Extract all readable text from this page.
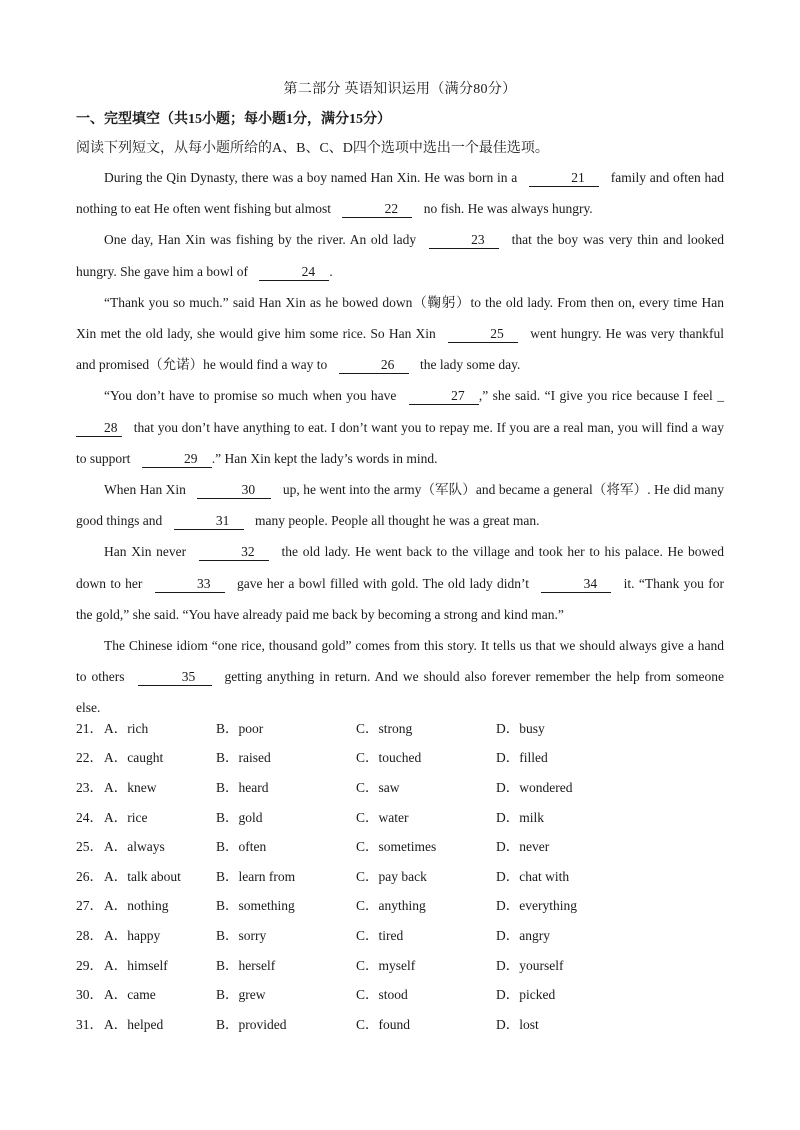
第二部分 英语知识运用（满分80分）
一、完型填空（共15小题；每小题1分，满分15分）
阅读下列短文，从每小题所给的A、B、C、D四个选项中选出一个最佳选项。

During the Qin Dynasty, there was a boy named Han Xin. He was born in a	21 family and often had nothing to eat He often went fishing but almost	22 no fish. He was always hungry.

One day, Han Xin was fishing by the river. An old lady	23 that the boy was very thin and looked hungry. She gave him a bowl of	24 .

“Thank you so much.” said Han Xin as he bowed down（鞠躬）to the old lady. From then on, every time Han Xin met the old lady, she would give him some rice. So Han Xin	25 went hungry. He was very thankful and promised（允诺）he would find a way to	26 the lady some day.

“You don’t have to promise so much when you have	27 ,” she said. “I give you rice because I feel _28 that you don’t have anything to eat. I don’t want you to repay me. If you are a real man, you will find a way to support	29 .” Han Xin kept the lady’s words in mind.

When Han Xin	30 up, he went into the army（军队）and became a general（将军）. He did many good things and	31 many people. People all thought he was a great man.

Han Xin never	32 the old lady. He went back to the village and took her to his palace. He bowed down to her	33 gave her a bowl filled with gold. The old lady didn’t	34 it. “Thank you for the gold,” she said. “You have already paid me back by becoming a strong and kind man.”

The Chinese idiom “one rice, thousand gold” comes from this story. It tells us that we should always give a hand to others	35 getting anything in return. And we should also forever remember the help from someone else.

21． A．rich	B．poor	C．strong	D．busy
22． A．caught	B．raised	C．touched	D．filled
23． A．knew	B．heard	C．saw	D．wondered
24． A．rice	B．gold	C．water	D．milk
25． A．always	B．often	C．sometimes	D．never
26． A．talk about	B．learn from	C．pay back	D．chat with
27． A．nothing	B．something	C．anything	D．everything
28． A．happy	B．sorry	C．tired	D．angry
29． A．himself	B．herself	C．myself	D．yourself
30． A．came	B．grew	C．stood	D．picked
31． A．helped	B．provided	C．found	D．lost
